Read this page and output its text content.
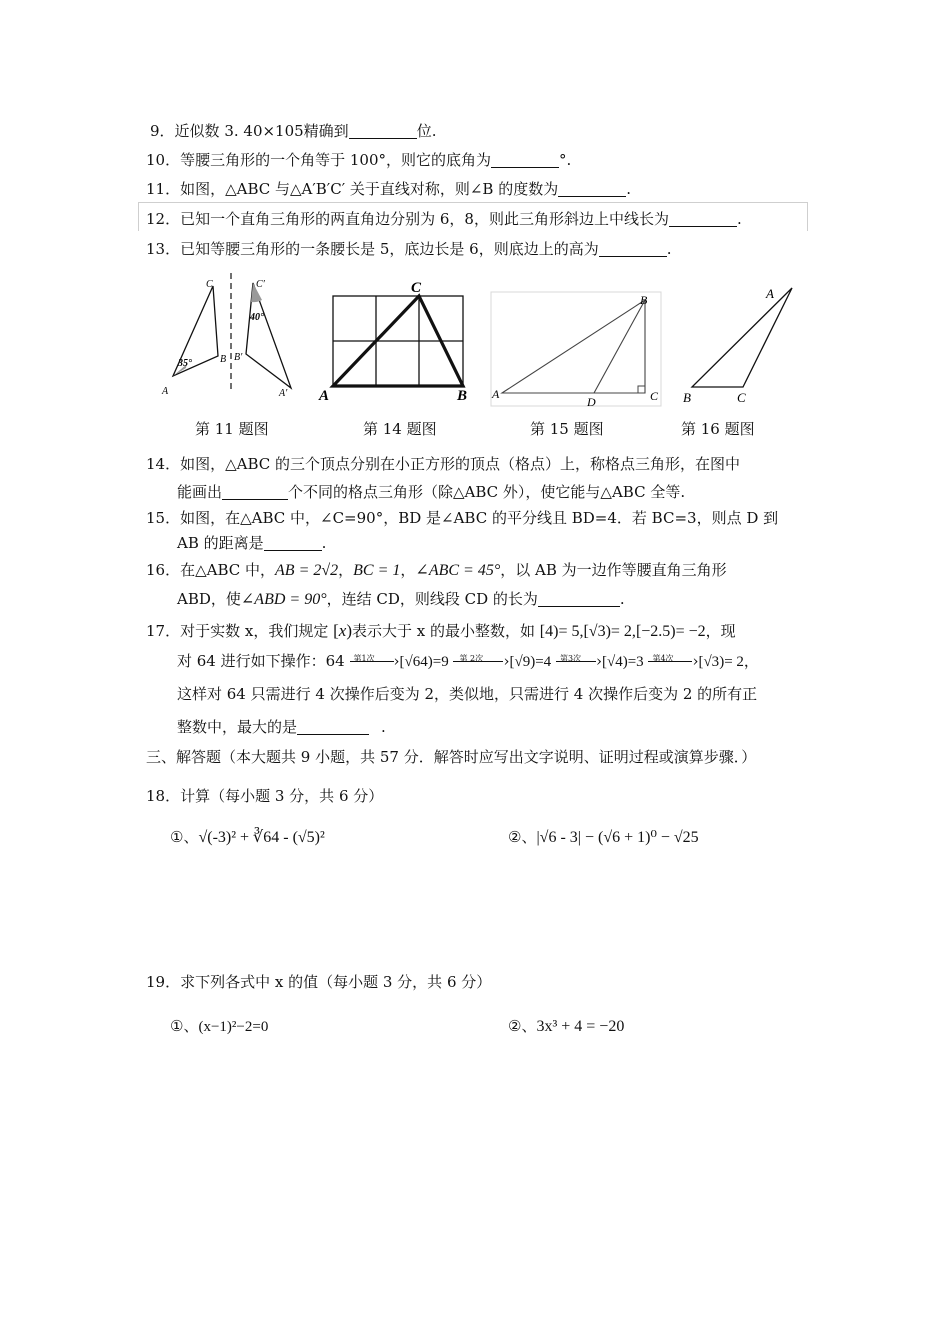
9．近似数 3. 40×105精确到	位.
10．等腰三角形的一个角等于 100°，则它的底角为	°.
11．如图，△ABC 与△A′B′C′ 关于直线对称，则∠B 的度数为	.
12．已知一个直角三角形的两直角边分别为 6，8，则此三角形斜边上中线长为	.
13．已知等腰三角形的一条腰长是 5，底边长是 6，则底边上的高为	.
C
A
B
C′
A′
B′
35°
40°
第 11 题图
C
A	B
第 14 题图
B
A
D	C
第 15 题图
A
B	C
第 16 题图
14．如图，△ABC 的三个顶点分别在小正方形的顶点（格点）上，称格点三角形，在图中
能画出	个不同的格点三角形（除△ABC 外），使它能与△ABC 全等.
15．如图，在△ABC 中，∠C=90°，BD 是∠ABC 的平分线且 BD=4．若 BC=3，则点 D 到
AB 的距离是	.
16．在△ABC 中，AB = 2√2，BC = 1，∠ABC = 45°，以 AB 为一边作等腰直角三角形
ABD，使∠ABD = 90°，连结 CD，则线段 CD 的长为	.
17．对于实数 x，我们规定 [x)表示大于 x 的最小整数，如 [4)= 5,[√3)= 2,[−2.5)= −2，现
对 64 进行如下操作：64 第1次 ›[√64)=9 第 2次 ›[√9)=4 第3次 ›[√4)=3 第4次 ›[√3)= 2，
这样对 64 只需进行 4 次操作后变为 2，类似地，只需进行 4 次操作后变为 2 的所有正
整数中，最大的是	.
三、解答题（本大题共 9 小题，共 57 分．解答时应写出文字说明、证明过程或演算步骤．）
18．计算（每小题 3 分，共 6 分）
①、√(-3)² + ∛64 - (√5)²	②、|√6 - 3| − (√6 + 1)⁰ − √25
19．求下列各式中 x 的值（每小题 3 分，共 6 分）
①、(x−1)²−2=0	②、3x³ + 4 = −20
